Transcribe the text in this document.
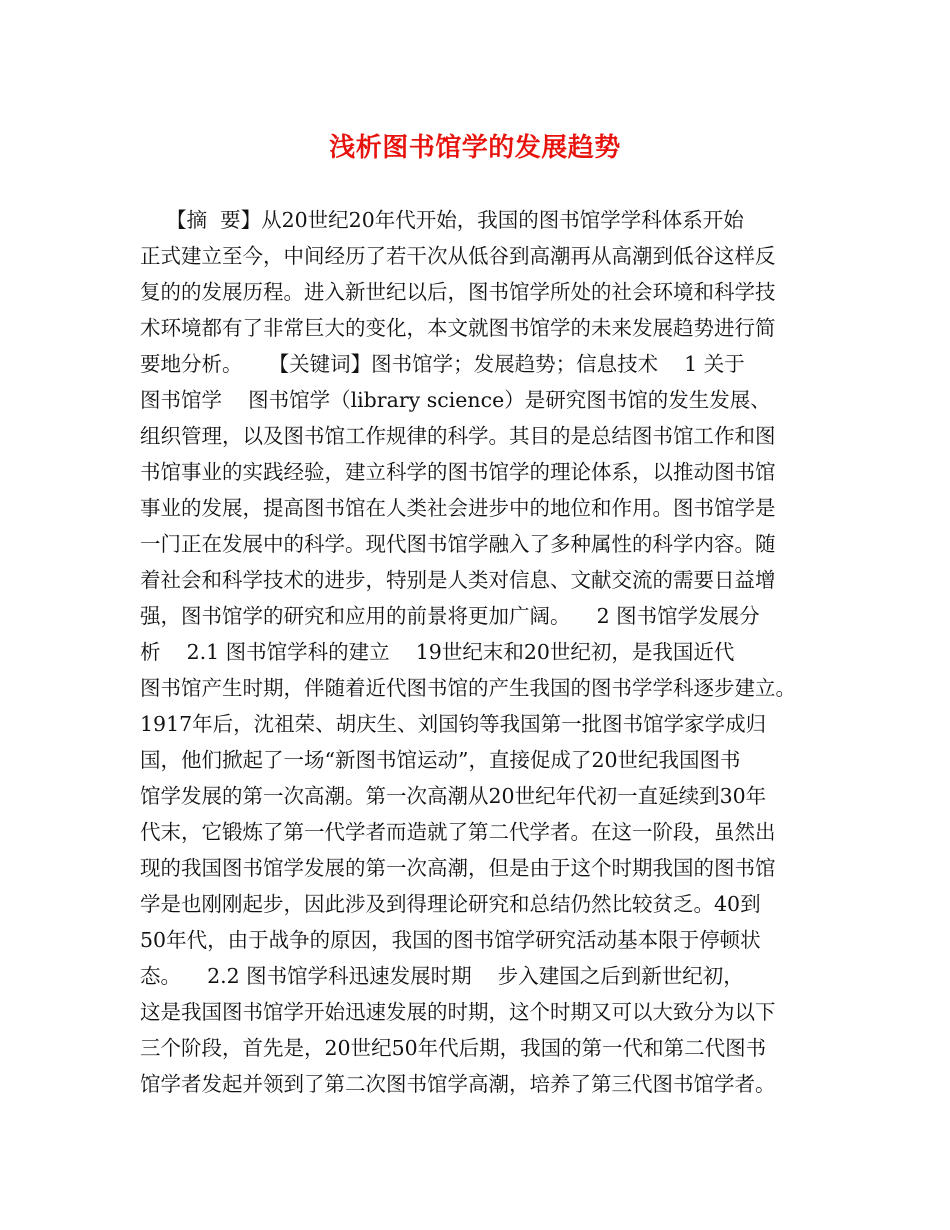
浅析图书馆学的发展趋势
【摘  要】从20世纪20年代开始，我国的图书馆学学科体系开始
正式建立至今，中间经历了若干次从低谷到高潮再从高潮到低谷这样反
复的的发展历程。进入新世纪以后，图书馆学所处的社会环境和科学技
术环境都有了非常巨大的变化，本文就图书馆学的未来发展趋势进行简
要地分析。    【关键词】图书馆学；发展趋势；信息技术    1 关于
图书馆学    图书馆学（library science）是研究图书馆的发生发展、
组织管理，以及图书馆工作规律的科学。其目的是总结图书馆工作和图
书馆事业的实践经验，建立科学的图书馆学的理论体系，以推动图书馆
事业的发展，提高图书馆在人类社会进步中的地位和作用。图书馆学是
一门正在发展中的科学。现代图书馆学融入了多种属性的科学内容。随
着社会和科学技术的进步，特别是人类对信息、文献交流的需要日益增
强，图书馆学的研究和应用的前景将更加广阔。    2 图书馆学发展分
析    2.1 图书馆学科的建立    19世纪末和20世纪初，是我国近代
图书馆产生时期，伴随着近代图书馆的产生我国的图书学学科逐步建立。
1917年后，沈祖荣、胡庆生、刘国钧等我国第一批图书馆学家学成归
国，他们掀起了一场“新图书馆运动”，直接促成了20世纪我国图书
馆学发展的第一次高潮。第一次高潮从20世纪年代初一直延续到30年
代末，它锻炼了第一代学者而造就了第二代学者。在这一阶段，虽然出
现的我国图书馆学发展的第一次高潮，但是由于这个时期我国的图书馆
学是也刚刚起步，因此涉及到得理论研究和总结仍然比较贫乏。40到
50年代，由于战争的原因，我国的图书馆学研究活动基本限于停顿状
态。    2.2 图书馆学科迅速发展时期    步入建国之后到新世纪初，
这是我国图书馆学开始迅速发展的时期，这个时期又可以大致分为以下
三个阶段，首先是，20世纪50年代后期，我国的第一代和第二代图书
馆学者发起并领到了第二次图书馆学高潮，培养了第三代图书馆学者。
